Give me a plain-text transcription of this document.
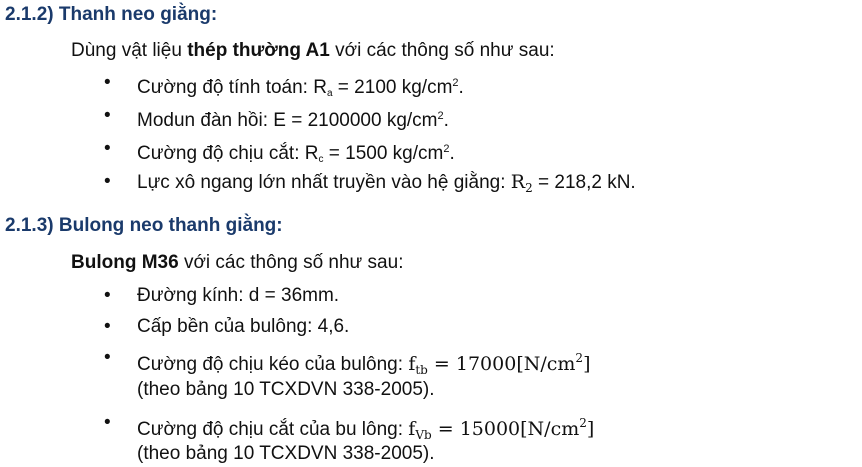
2.1.2) Thanh neo giằng:
Dùng vật liệu thép thường A1 với các thông số như sau:
• Cường độ tính toán: $R_a = 2100$ $kg/cm^2$.
• Modun đàn hồi: E = 2100000 $kg/cm^2$.
• Cường độ chịu cắt: $R_c = 1500$ $kg/cm^2$.
• Lực xô ngang lớn nhất truyền vào hệ giằng: $R_2 = 218,2$ kN.
2.1.3) Bulong neo thanh giằng:
Bulong M36 với các thông số như sau:
• Đường kính: d = 36mm.
• Cấp bền của bulông: 4,6.
• Cường độ chịu kéo của bulông: $f_{tb} = 17000[N/cm^2]$
(theo bảng 10 TCXDVN 338-2005).
• Cường độ chịu cắt của bu lông: $f_{Vb} = 15000[N/cm^2]$
(theo bảng 10 TCXDVN 338-2005).
